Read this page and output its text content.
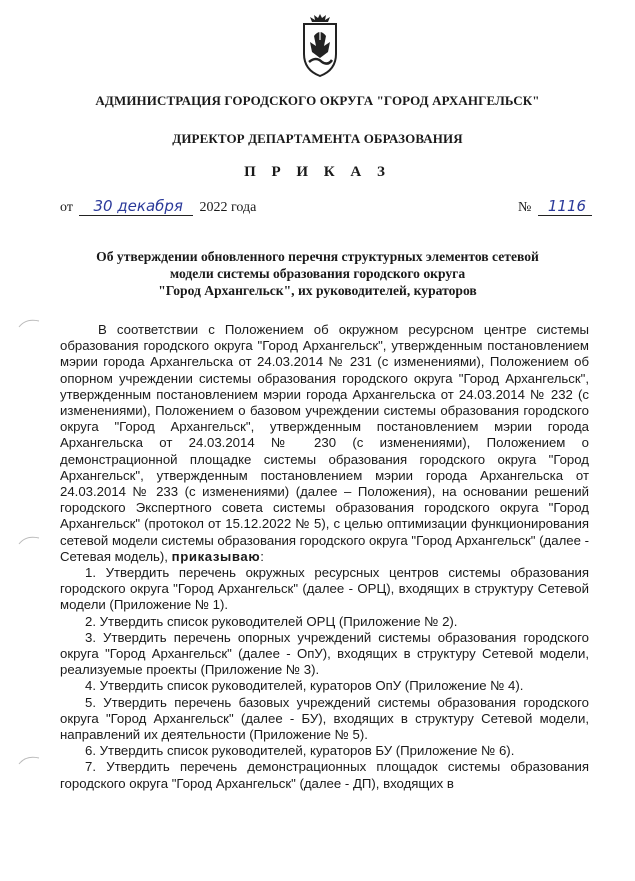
АДМИНИСТРАЦИЯ ГОРОДСКОГО ОКРУГА "ГОРОД АРХАНГЕЛЬСК"
ДИРЕКТОР ДЕПАРТАМЕНТА ОБРАЗОВАНИЯ
П Р И К А З
от 30 декабря 2022 года	№ 1116
Об утверждении обновленного перечня структурных элементов сетевой
модели системы образования городского округа
"Город Архангельск", их руководителей, кураторов

В соответствии с Положением об окружном ресурсном центре системы образования городского округа "Город Архангельск", утвержденным постановлением мэрии города Архангельска от 24.03.2014 № 231 (с изменениями), Положением об опорном учреждении системы образования городского округа "Город Архангельск", утвержденным постановлением мэрии города Архангельска от 24.03.2014 № 232 (с изменениями), Положением о базовом учреждении системы образования городского округа "Город Архангельск", утвержденным постановлением мэрии города Архангельска от 24.03.2014 № 230 (с изменениями), Положением о демонстрационной площадке системы образования городского округа "Город Архангельск", утвержденным постановлением мэрии города Архангельска от 24.03.2014 № 233 (с изменениями) (далее – Положения), на основании решений городского Экспертного совета системы образования городского округа "Город Архангельск" (протокол от 15.12.2022 № 5), с целью оптимизации функционирования сетевой модели системы образования городского округа "Город Архангельск" (далее - Сетевая модель), приказываю:

1. Утвердить перечень окружных ресурсных центров системы образования городского округа "Город Архангельск" (далее - ОРЦ), входящих в структуру Сетевой модели (Приложение № 1).

2. Утвердить список руководителей ОРЦ (Приложение № 2).

3. Утвердить перечень опорных учреждений системы образования городского округа "Город Архангельск" (далее - ОпУ), входящих в структуру Сетевой модели, реализуемые проекты (Приложение № 3).

4. Утвердить список руководителей, кураторов ОпУ (Приложение № 4).

5. Утвердить перечень базовых учреждений системы образования городского округа "Город Архангельск" (далее - БУ), входящих в структуру Сетевой модели, направлений их деятельности (Приложение № 5).

6. Утвердить список руководителей, кураторов БУ (Приложение № 6).

7. Утвердить перечень демонстрационных площадок системы образования городского округа "Город Архангельск" (далее - ДП), входящих в
